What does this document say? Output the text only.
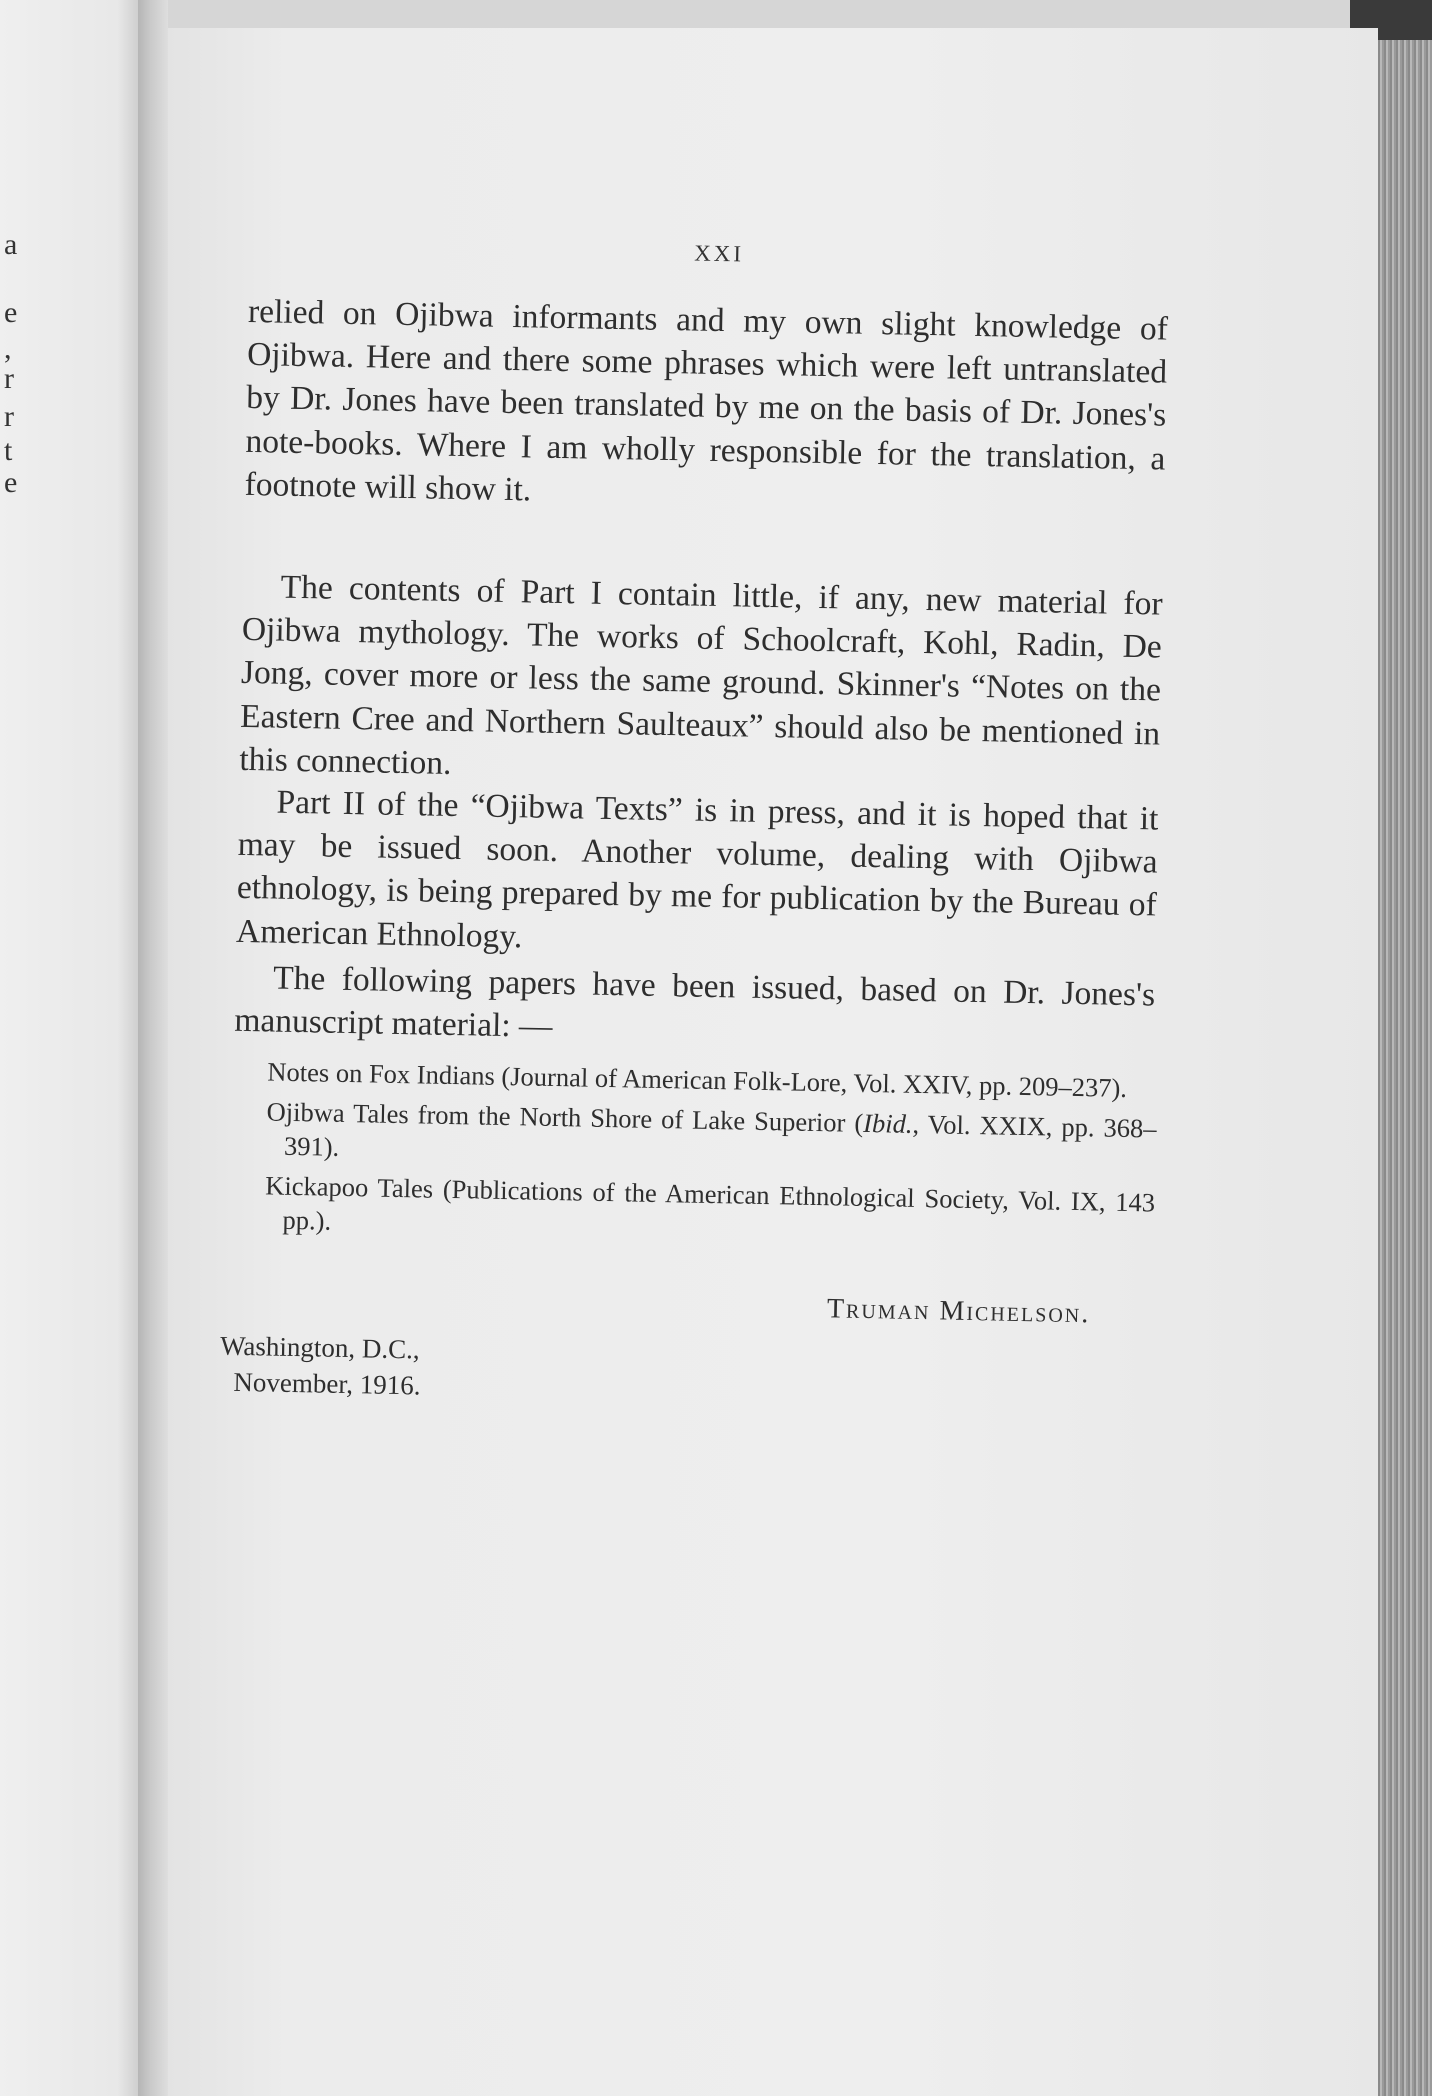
a
e
,
r
r
t
e
XXI

relied on Ojibwa informants and my own slight knowledge of Ojibwa. Here and there some phrases which were left untranslated by Dr. Jones have been translated by me on the basis of Dr. Jones's note-books. Where I am wholly responsible for the translation, a footnote will show it.

The contents of Part I contain little, if any, new material for Ojibwa mythology. The works of Schoolcraft, Kohl, Radin, De Jong, cover more or less the same ground. Skinner's “Notes on the Eastern Cree and Northern Saulteaux” should also be mentioned in this connection.

Part II of the “Ojibwa Texts” is in press, and it is hoped that it may be issued soon. Another volume, dealing with Ojibwa ethnology, is being prepared by me for publication by the Bureau of American Ethnology.

The following papers have been issued, based on Dr. Jones's manuscript material: —

Notes on Fox Indians (Journal of American Folk-Lore, Vol. XXIV, pp. 209–237).

Ojibwa Tales from the North Shore of Lake Superior (Ibid., Vol. XXIX, pp. 368–391).

Kickapoo Tales (Publications of the American Ethnological Society, Vol. IX, 143 pp.).

Truman Michelson.
Washington, D.C.,
November, 1916.
